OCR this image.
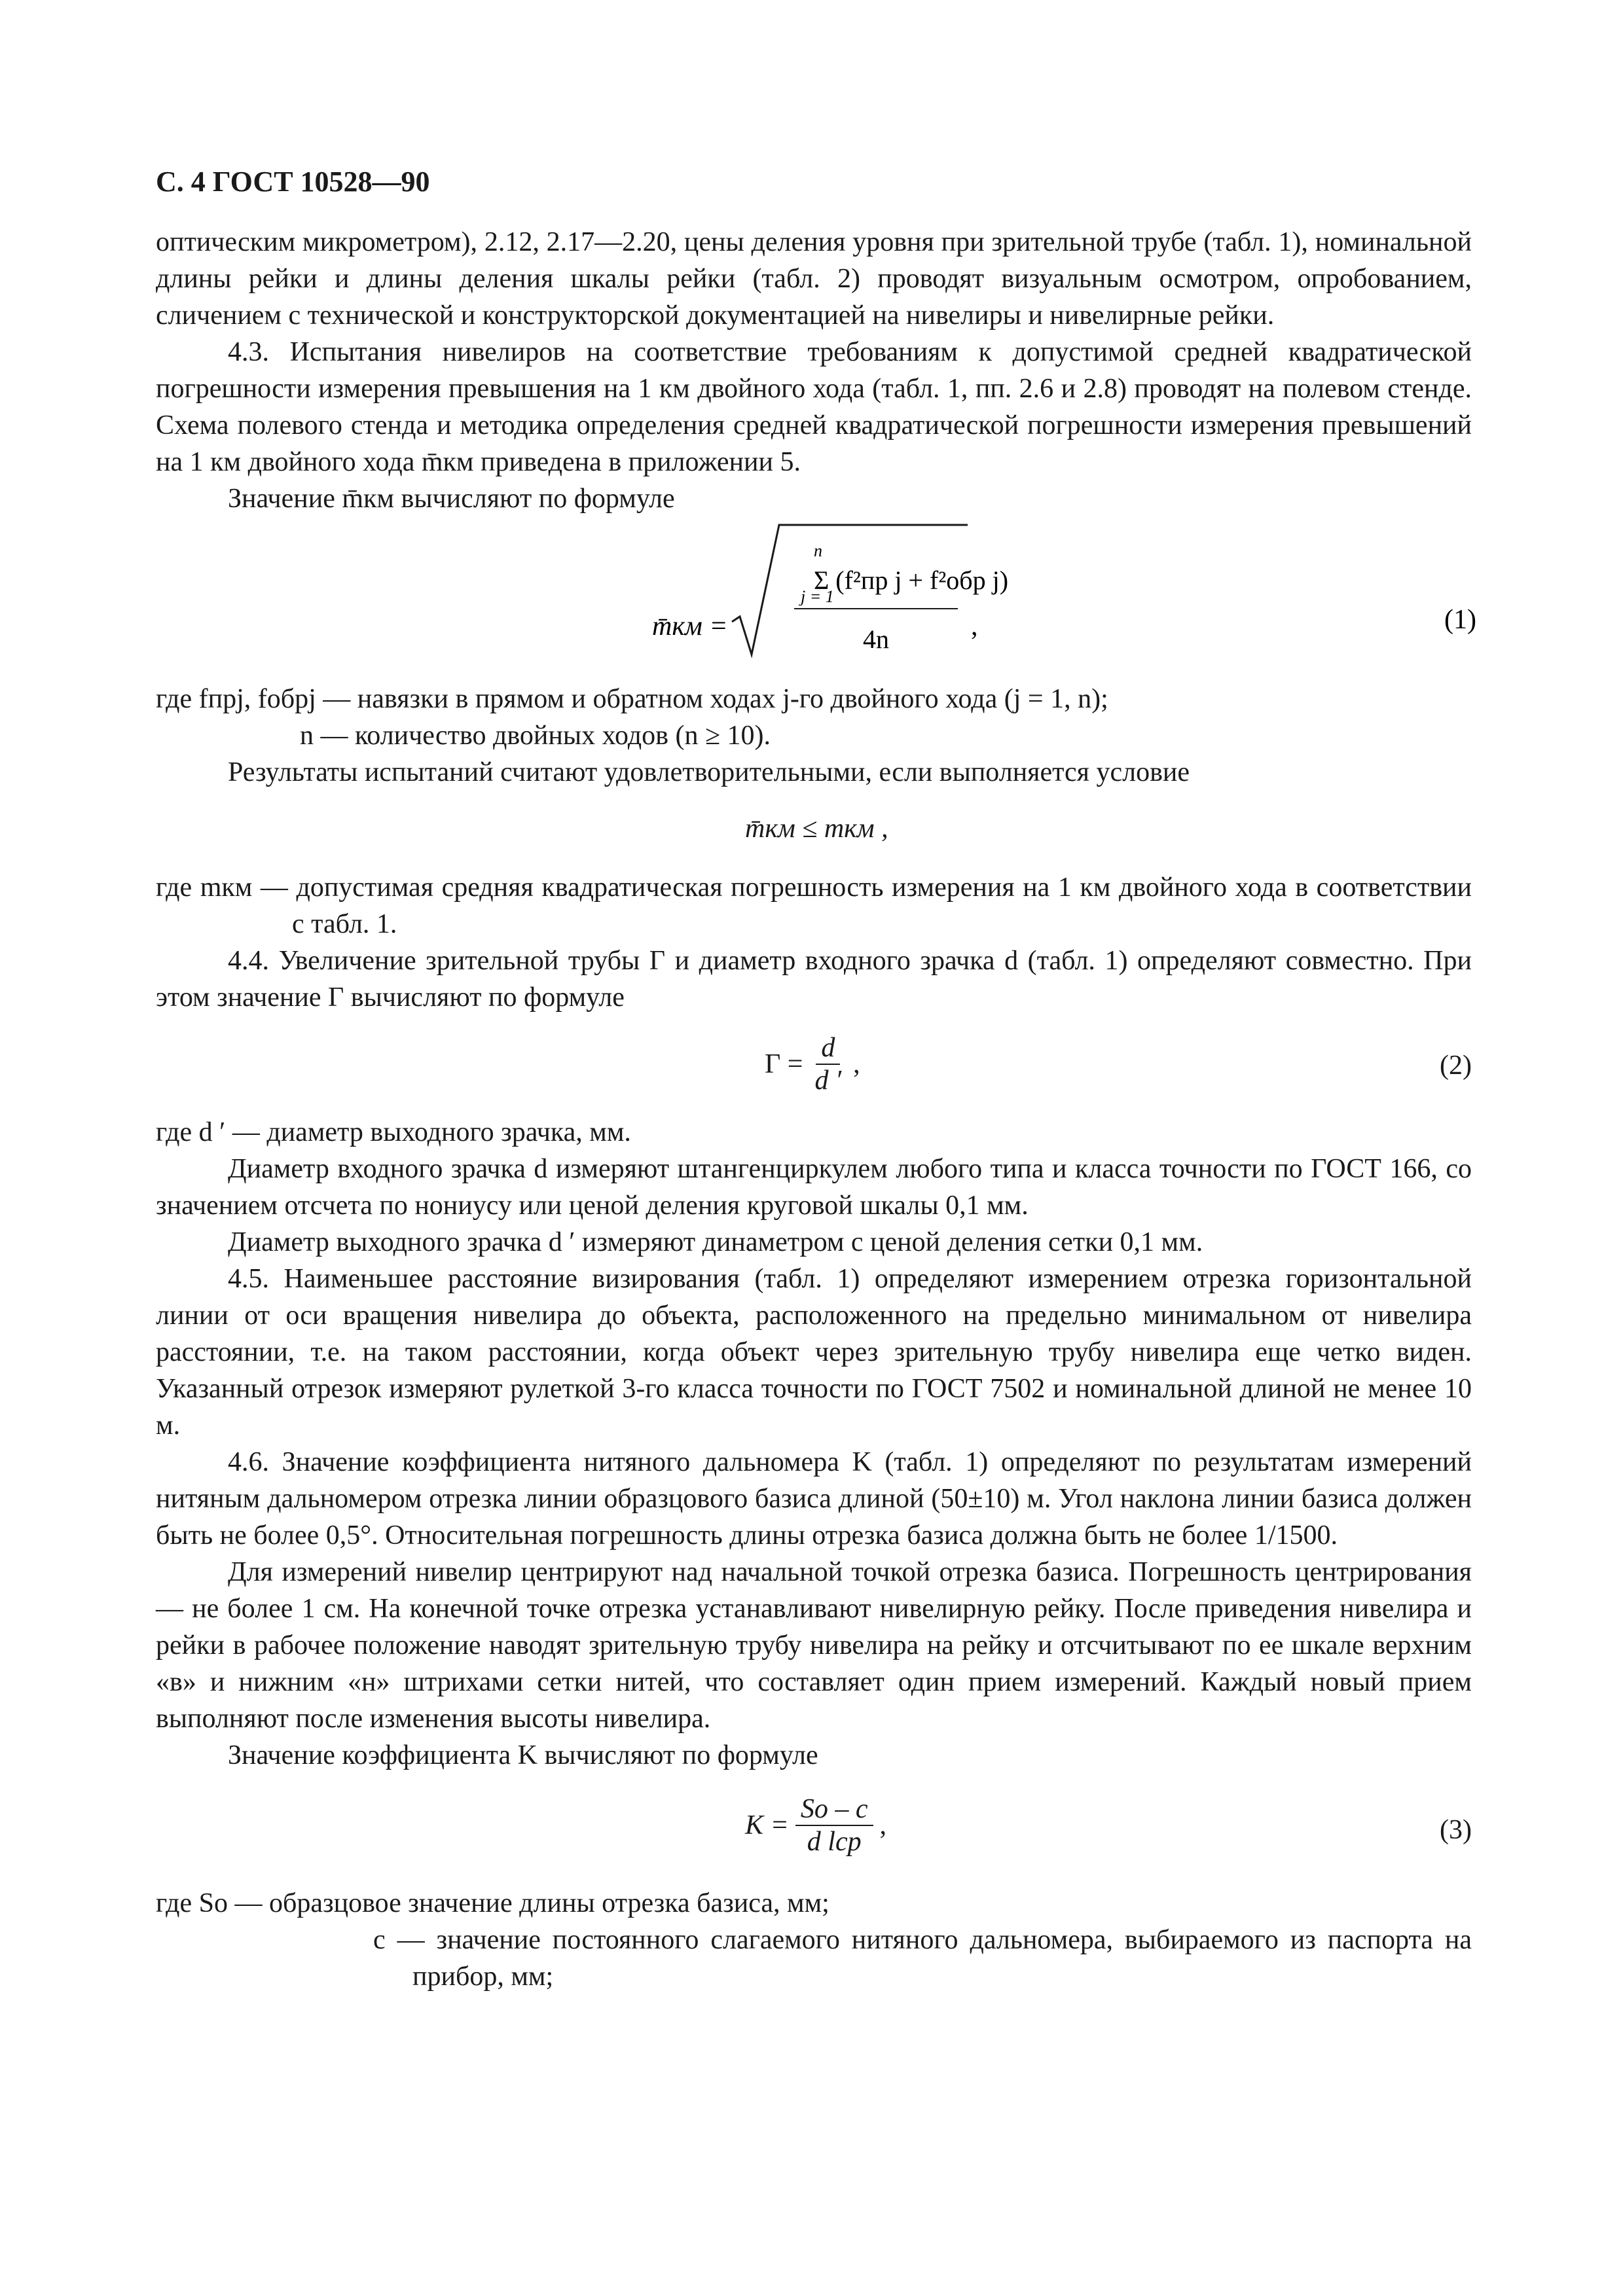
С. 4 ГОСТ 10528—90

оптическим микрометром), 2.12, 2.17—2.20, цены деления уровня при зрительной трубе (табл. 1), номинальной длины рейки и длины деления шкалы рейки (табл. 2) проводят визуальным осмотром, опробованием, сличением с технической и конструкторской документацией на нивелиры и нивелирные рейки.

4.3. Испытания нивелиров на соответствие требованиям к допустимой средней квадратической погрешности измерения превышения на 1 км двойного хода (табл. 1, пп. 2.6 и 2.8) проводят на полевом стенде. Схема полевого стенда и методика определения средней квадратической погрешности измерения превышений на 1 км двойного хода m̄км приведена в приложении 5.

Значение m̄км вычисляют по формуле

m̄км =
n
j = 1
Σ (f²пр j + f²обр j)
4n	,	(1)

где fпрj, fобрj — навязки в прямом и обратном ходах j-го двойного хода (j = 1, n);

n — количество двойных ходов (n ≥ 10).

Результаты испытаний считают удовлетворительными, если выполняется условие

m̄км ≤ mкм ,

где mкм — допустимая средняя квадратическая погрешность измерения на 1 км двойного хода в соответствии с табл. 1.

4.4. Увеличение зрительной трубы Г и диаметр входного зрачка d (табл. 1) определяют совместно. При этом значение Г вычисляют по формуле

$Г = \frac{d}{d '}$ ,	(2)

где d ′ — диаметр выходного зрачка, мм.

Диаметр входного зрачка d измеряют штангенциркулем любого типа и класса точности по ГОСТ 166, со значением отсчета по нониусу или ценой деления круговой шкалы 0,1 мм.

Диаметр выходного зрачка d ′ измеряют динаметром с ценой деления сетки 0,1 мм.

4.5. Наименьшее расстояние визирования (табл. 1) определяют измерением отрезка горизонтальной линии от оси вращения нивелира до объекта, расположенного на предельно минимальном от нивелира расстоянии, т.е. на таком расстоянии, когда объект через зрительную трубу нивелира еще четко виден. Указанный отрезок измеряют рулеткой 3-го класса точности по ГОСТ 7502 и номинальной длиной не менее 10 м.

4.6. Значение коэффициента нитяного дальномера K (табл. 1) определяют по результатам измерений нитяным дальномером отрезка линии образцового базиса длиной (50±10) м. Угол наклона линии базиса должен быть не более 0,5°. Относительная погрешность длины отрезка базиса должна быть не более 1/1500.

Для измерений нивелир центрируют над начальной точкой отрезка базиса. Погрешность центрирования — не более 1 см. На конечной точке отрезка устанавливают нивелирную рейку. После приведения нивелира и рейки в рабочее положение наводят зрительную трубу нивелира на рейку и отсчитывают по ее шкале верхним «в» и нижним «н» штрихами сетки нитей, что составляет один прием измерений. Каждый новый прием выполняют после изменения высоты нивелира.

Значение коэффициента K вычисляют по формуле

$K = \frac{Sо - c}{\text{d lср}}$ ,	(3)

где Sо — образцовое значение длины отрезка базиса, мм;

c — значение постоянного слагаемого нитяного дальномера, выбираемого из паспорта на прибор, мм;
